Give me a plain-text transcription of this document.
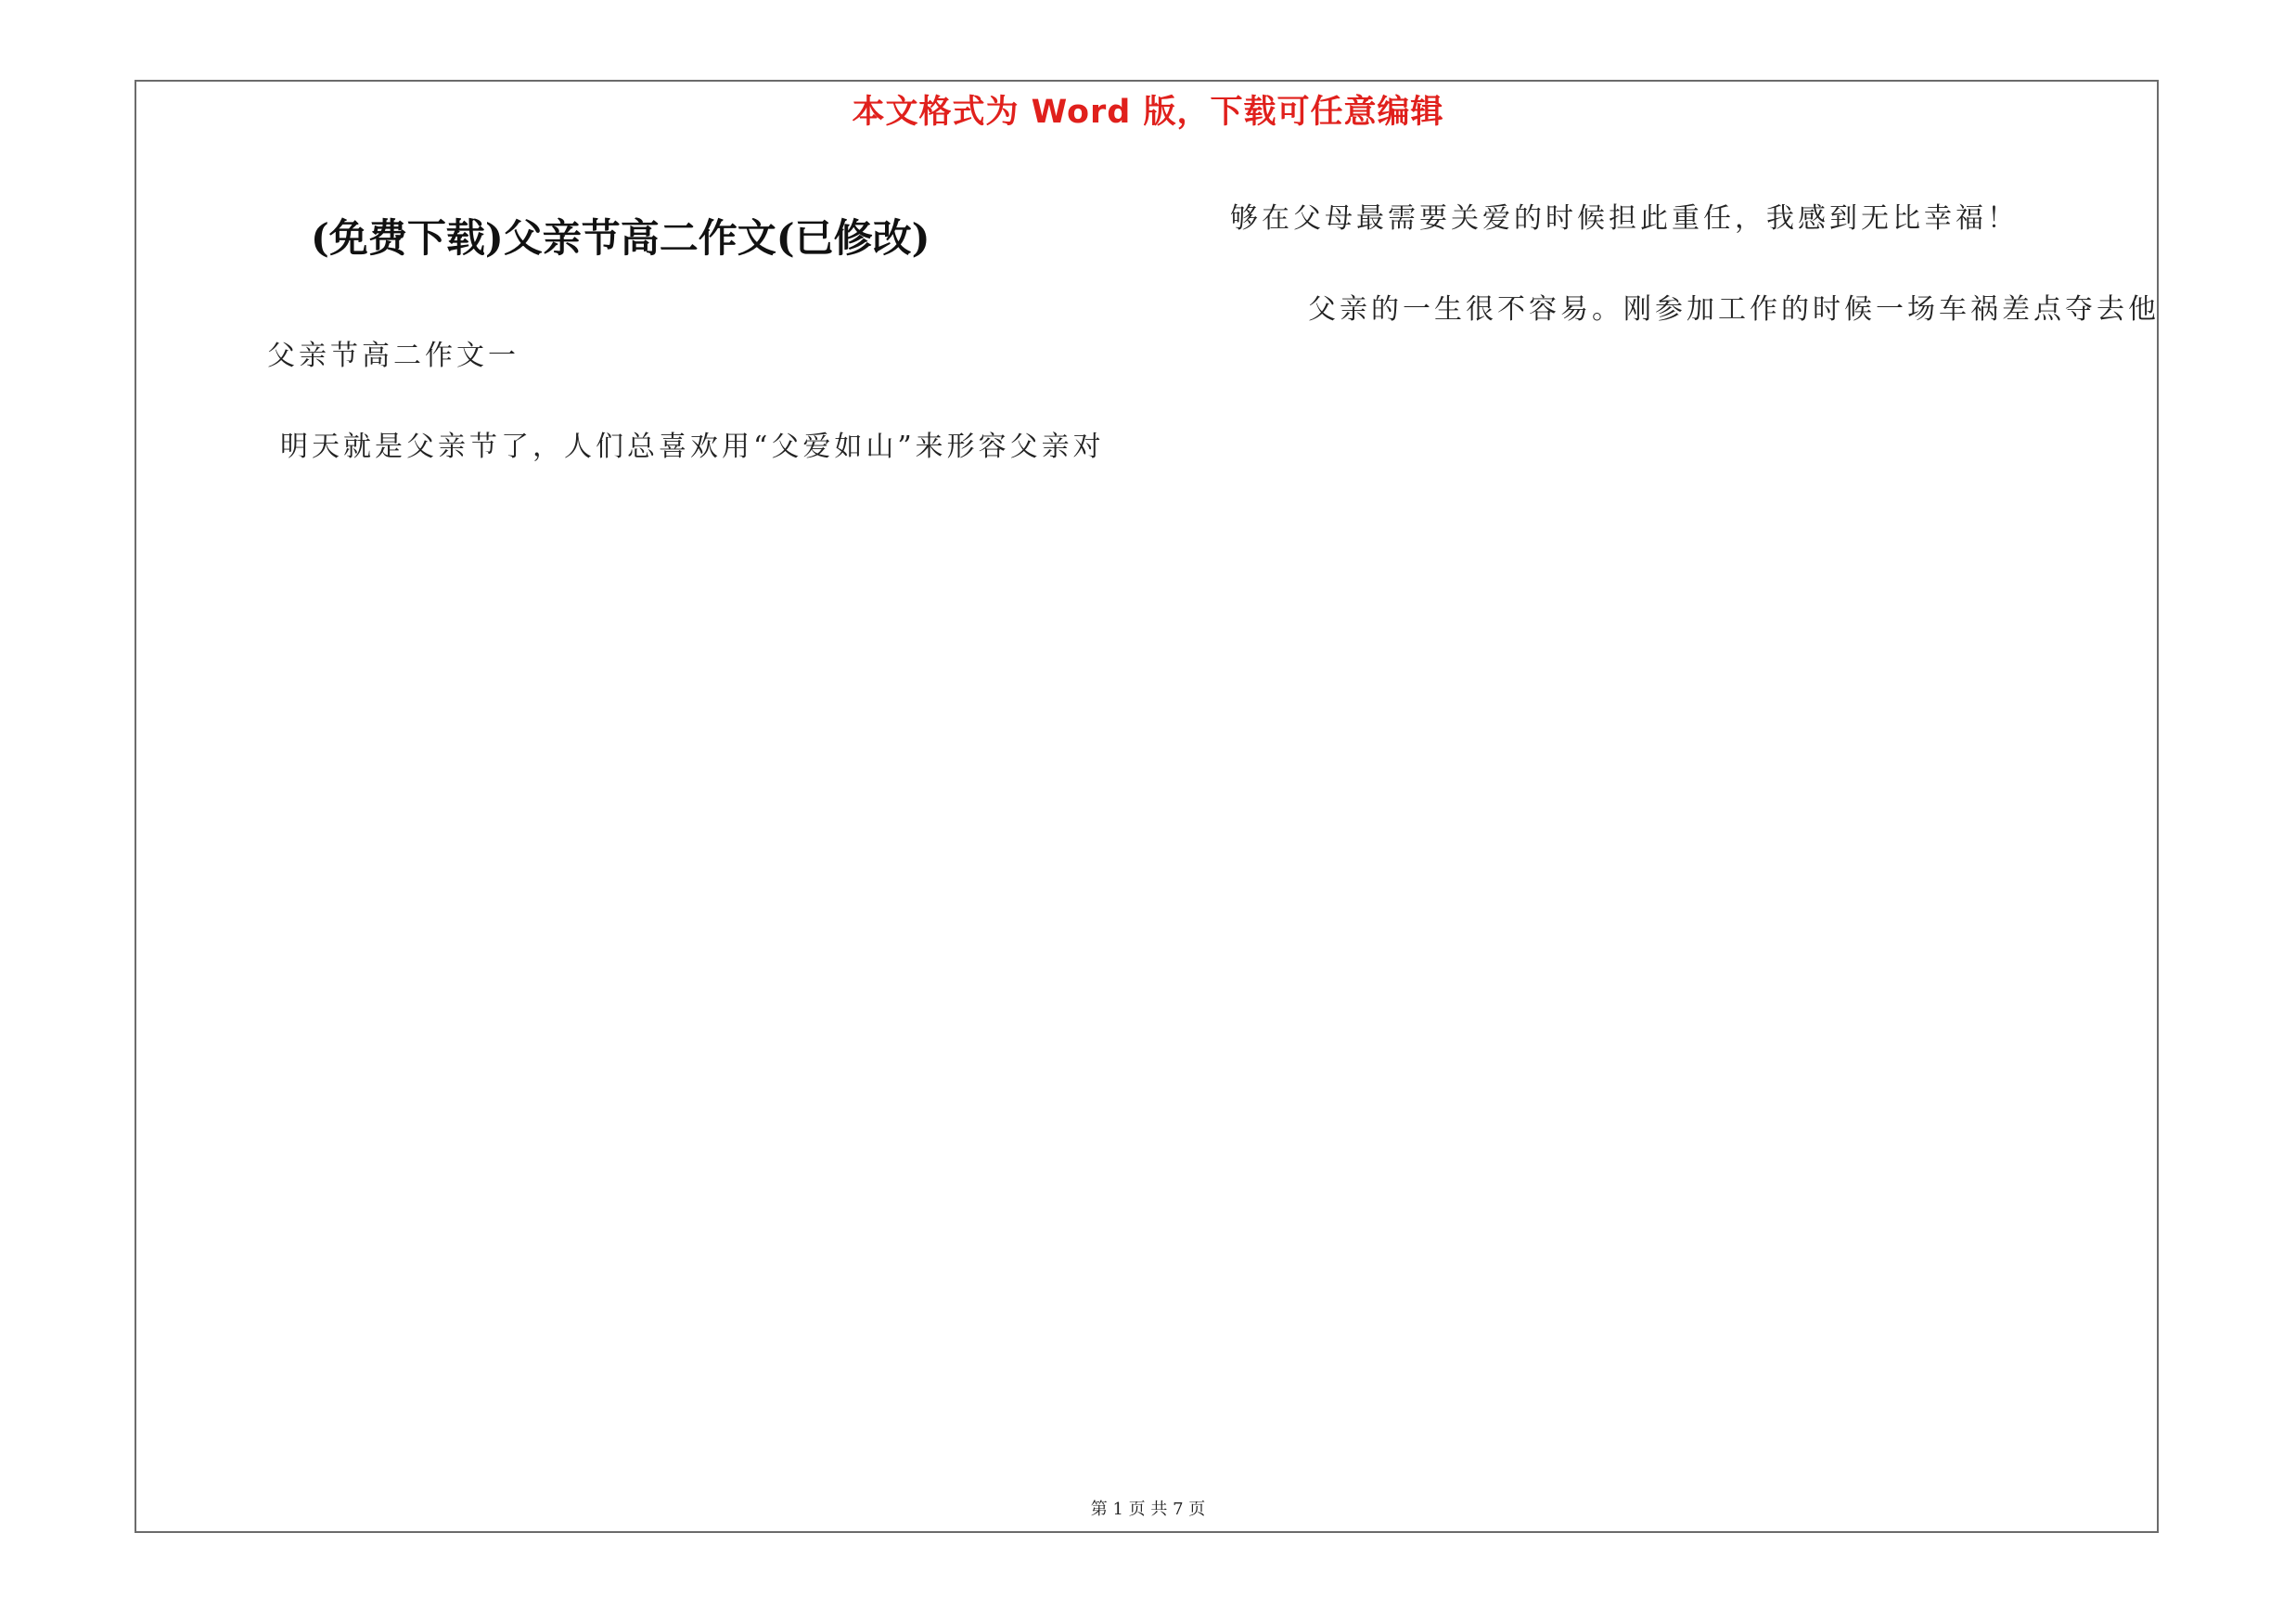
本文格式为 Word 版，下载可任意编辑
(免费下载)父亲节高二作文(已修改)
父亲节高二作文一
明天就是父亲节了，人们总喜欢用“父爱如山”来形容父亲对
够在父母最需要关爱的时候担此重任，我感到无比幸福！
父亲的一生很不容易。刚参加工作的时候一场车祸差点夺去他
第 1 页 共 7 页
